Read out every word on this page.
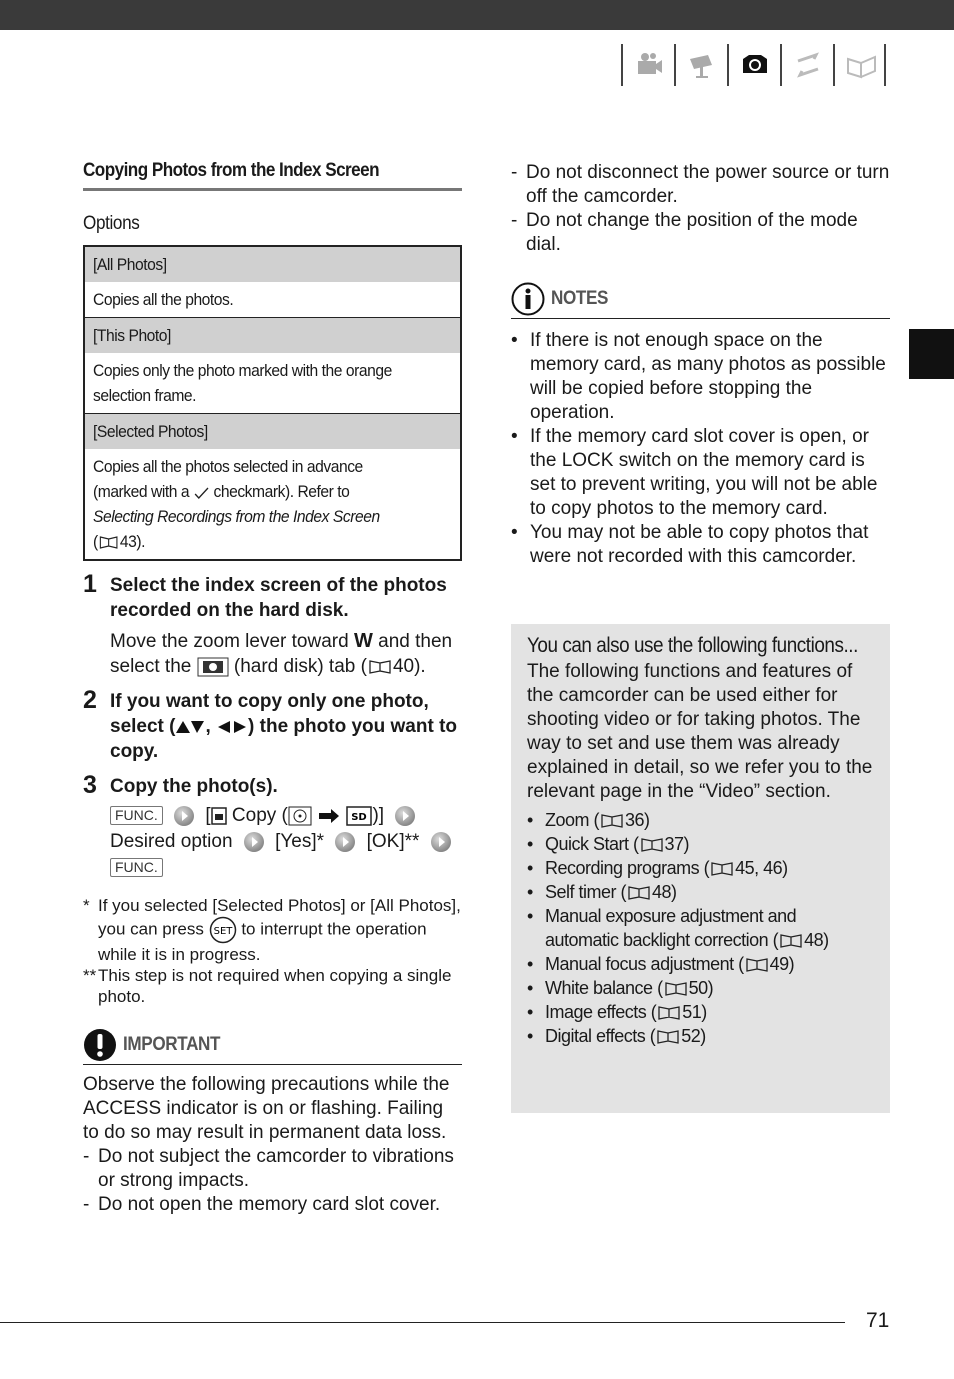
Copying Photos from the Index Screen
Options
[All Photos]
Copies all the photos.
[This Photo]
Copies only the photo marked with the orange
selection frame.
[Selected Photos]
Copies all the photos selected in advance
(marked with a checkmark). Refer to
Selecting Recordings from the Index Screen
( 43).
1 Select the index screen of the photos recorded on the hard disk.
Move the zoom lever toward W and then select the (hard disk) tab ( 40).
2 If you want to copy only one photo, select ( , ) the photo you want to copy.
3 Copy the photo(s).
FUNC.	[ Copy (	SD )]
Desired option [Yes]* [OK]**
FUNC.
* If you selected [Selected Photos] or [All Photos], you can press SET to interrupt the operation while it is in progress.
** This step is not required when copying a single photo.
IMPORTANT
Observe the following precautions while the ACCESS indicator is on or flashing. Failing to do so may result in permanent data loss.
- Do not subject the camcorder to vibrations or strong impacts.
- Do not open the memory card slot cover.
- Do not disconnect the power source or turn off the camcorder.
- Do not change the position of the mode dial.
NOTES
• If there is not enough space on the memory card, as many photos as possible will be copied before stopping the operation.
• If the memory card slot cover is open, or the LOCK switch on the memory card is set to prevent writing, you will not be able to copy photos to the memory card.
• You may not be able to copy photos that were not recorded with this camcorder.
You can also use the following functions...
The following functions and features of the camcorder can be used either for shooting video or for taking photos. The way to set and use them was already explained in detail, so we refer you to the relevant page in the “Video” section.
• Zoom ( 36)
• Quick Start ( 37)
• Recording programs ( 45, 46)
• Self timer ( 48)
• Manual exposure adjustment and automatic backlight correction ( 48)
• Manual focus adjustment ( 49)
• White balance ( 50)
• Image effects ( 51)
• Digital effects ( 52)
71
